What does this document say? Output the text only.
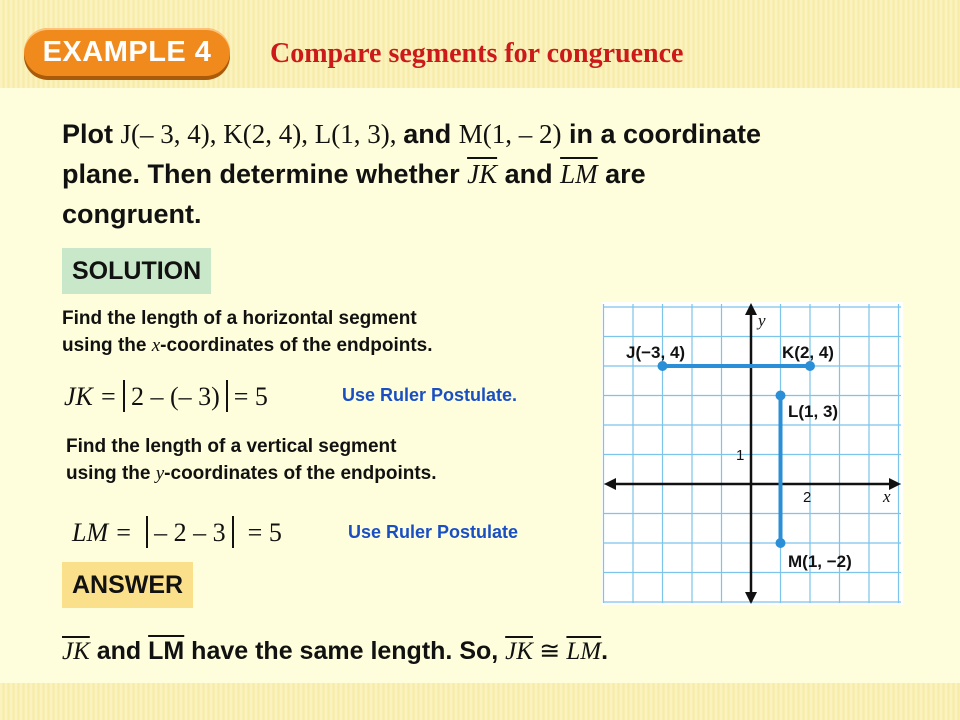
EXAMPLE 4	Compare segments for congruence
Plot J(– 3, 4), K(2, 4), L(1, 3), and M(1, – 2) in a coordinate
plane. Then determine whether $\overline{JK}$ and $\overline{LM}$ are
congruent.
SOLUTION
Find the length of a horizontal segment
using the x-coordinates of the endpoints.
JK = 2 – (– 3) = 5	Use Ruler Postulate.
Find the length of a vertical segment
using the y-coordinates of the endpoints.
LM = – 2 – 3 = 5	Use Ruler Postulate
ANSWER
$\overline{JK}$ and $\overline{LM}$ have the same length. So, $\overline{JK}$ ≅ $\overline{LM}$.
y
x
2
1
J(−3, 4)	K(2, 4)
L(1, 3)
M(1, −2)
